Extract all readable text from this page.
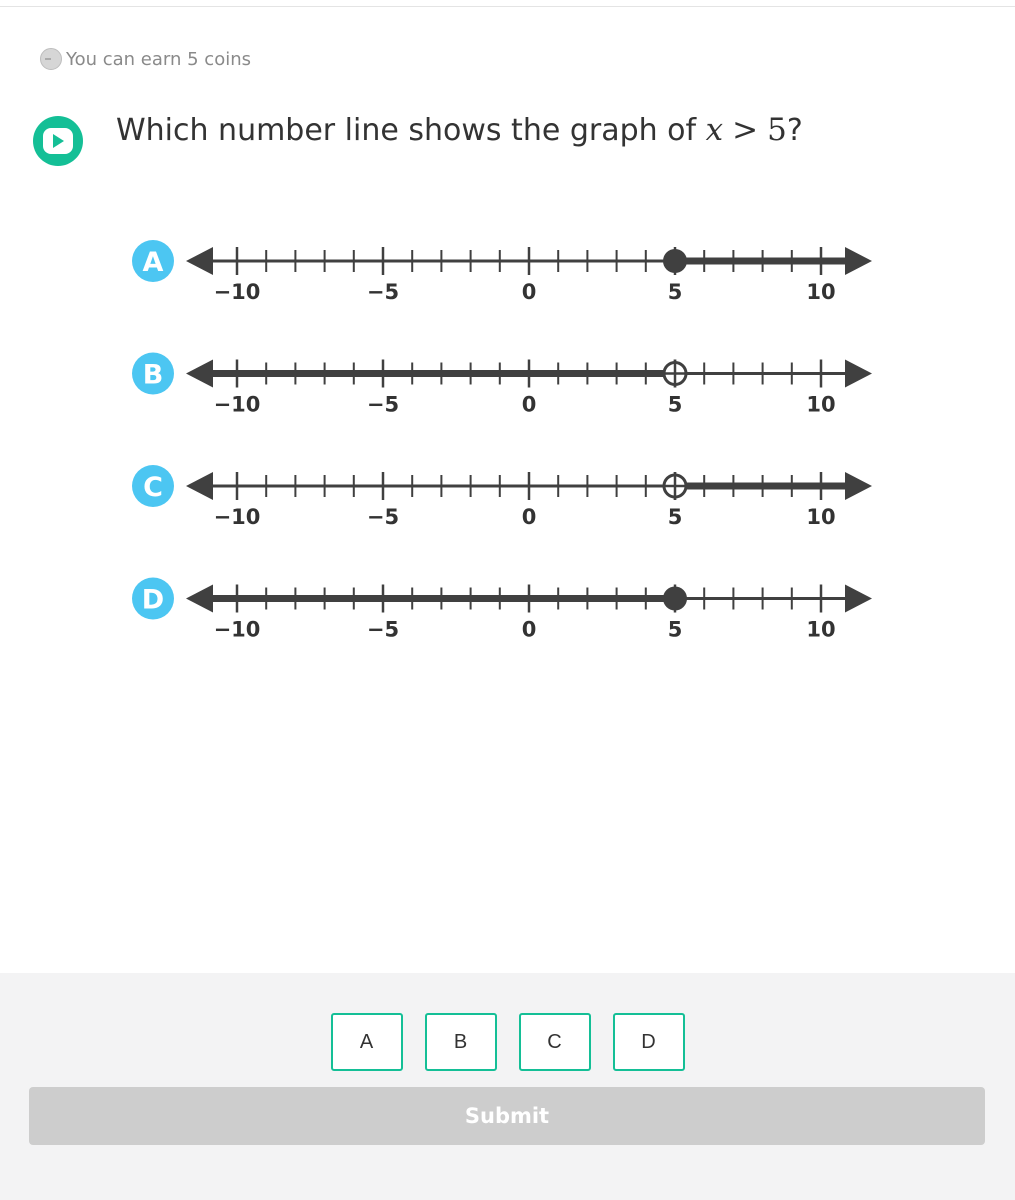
You can earn 5 coins
Which number line shows the graph of x > 5?
A
−10	−5	0	5	10
B
−10	−5	0	5	10
C
−10	−5	0	5	10
D
−10	−5	0	5	10
A	B	C	D
Submit
